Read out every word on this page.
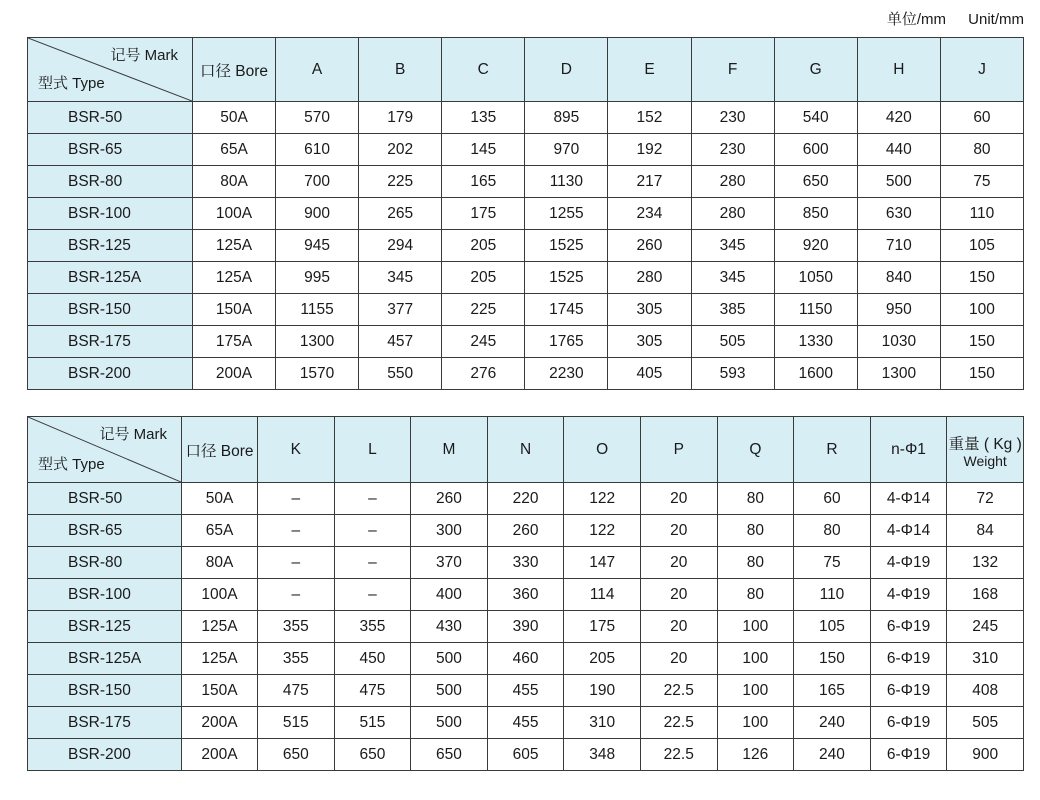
单位/mm Unit/mm
记号 Mark
型式 Type	口径 Bore	A	B	C	D	E	F	G	H	J
BSR-50	50A	570	179	135	895	152	230	540	420	60
BSR-65	65A	610	202	145	970	192	230	600	440	80
BSR-80	80A	700	225	165	1130	217	280	650	500	75
BSR-100	100A	900	265	175	1255	234	280	850	630	110
BSR-125	125A	945	294	205	1525	260	345	920	710	105
BSR-125A	125A	995	345	205	1525	280	345	1050	840	150
BSR-150	150A	1155	377	225	1745	305	385	1150	950	100
BSR-175	175A	1300	457	245	1765	305	505	1330	1030	150
BSR-200	200A	1570	550	276	2230	405	593	1600	1300	150
记号 Mark
型式 Type	口径 Bore	K	L	M	N	O	P	Q	R	n-Φ1	重量 ( Kg )
Weight

BSR-50	50A	–	–	260	220	122	20	80	60	4-Φ14	72
BSR-65	65A	–	–	300	260	122	20	80	80	4-Φ14	84
BSR-80	80A	–	–	370	330	147	20	80	75	4-Φ19	132
BSR-100	100A	–	–	400	360	114	20	80	110	4-Φ19	168
BSR-125	125A	355	355	430	390	175	20	100	105	6-Φ19	245
BSR-125A	125A	355	450	500	460	205	20	100	150	6-Φ19	310
BSR-150	150A	475	475	500	455	190	22.5	100	165	6-Φ19	408
BSR-175	200A	515	515	500	455	310	22.5	100	240	6-Φ19	505
BSR-200	200A	650	650	650	605	348	22.5	126	240	6-Φ19	900
